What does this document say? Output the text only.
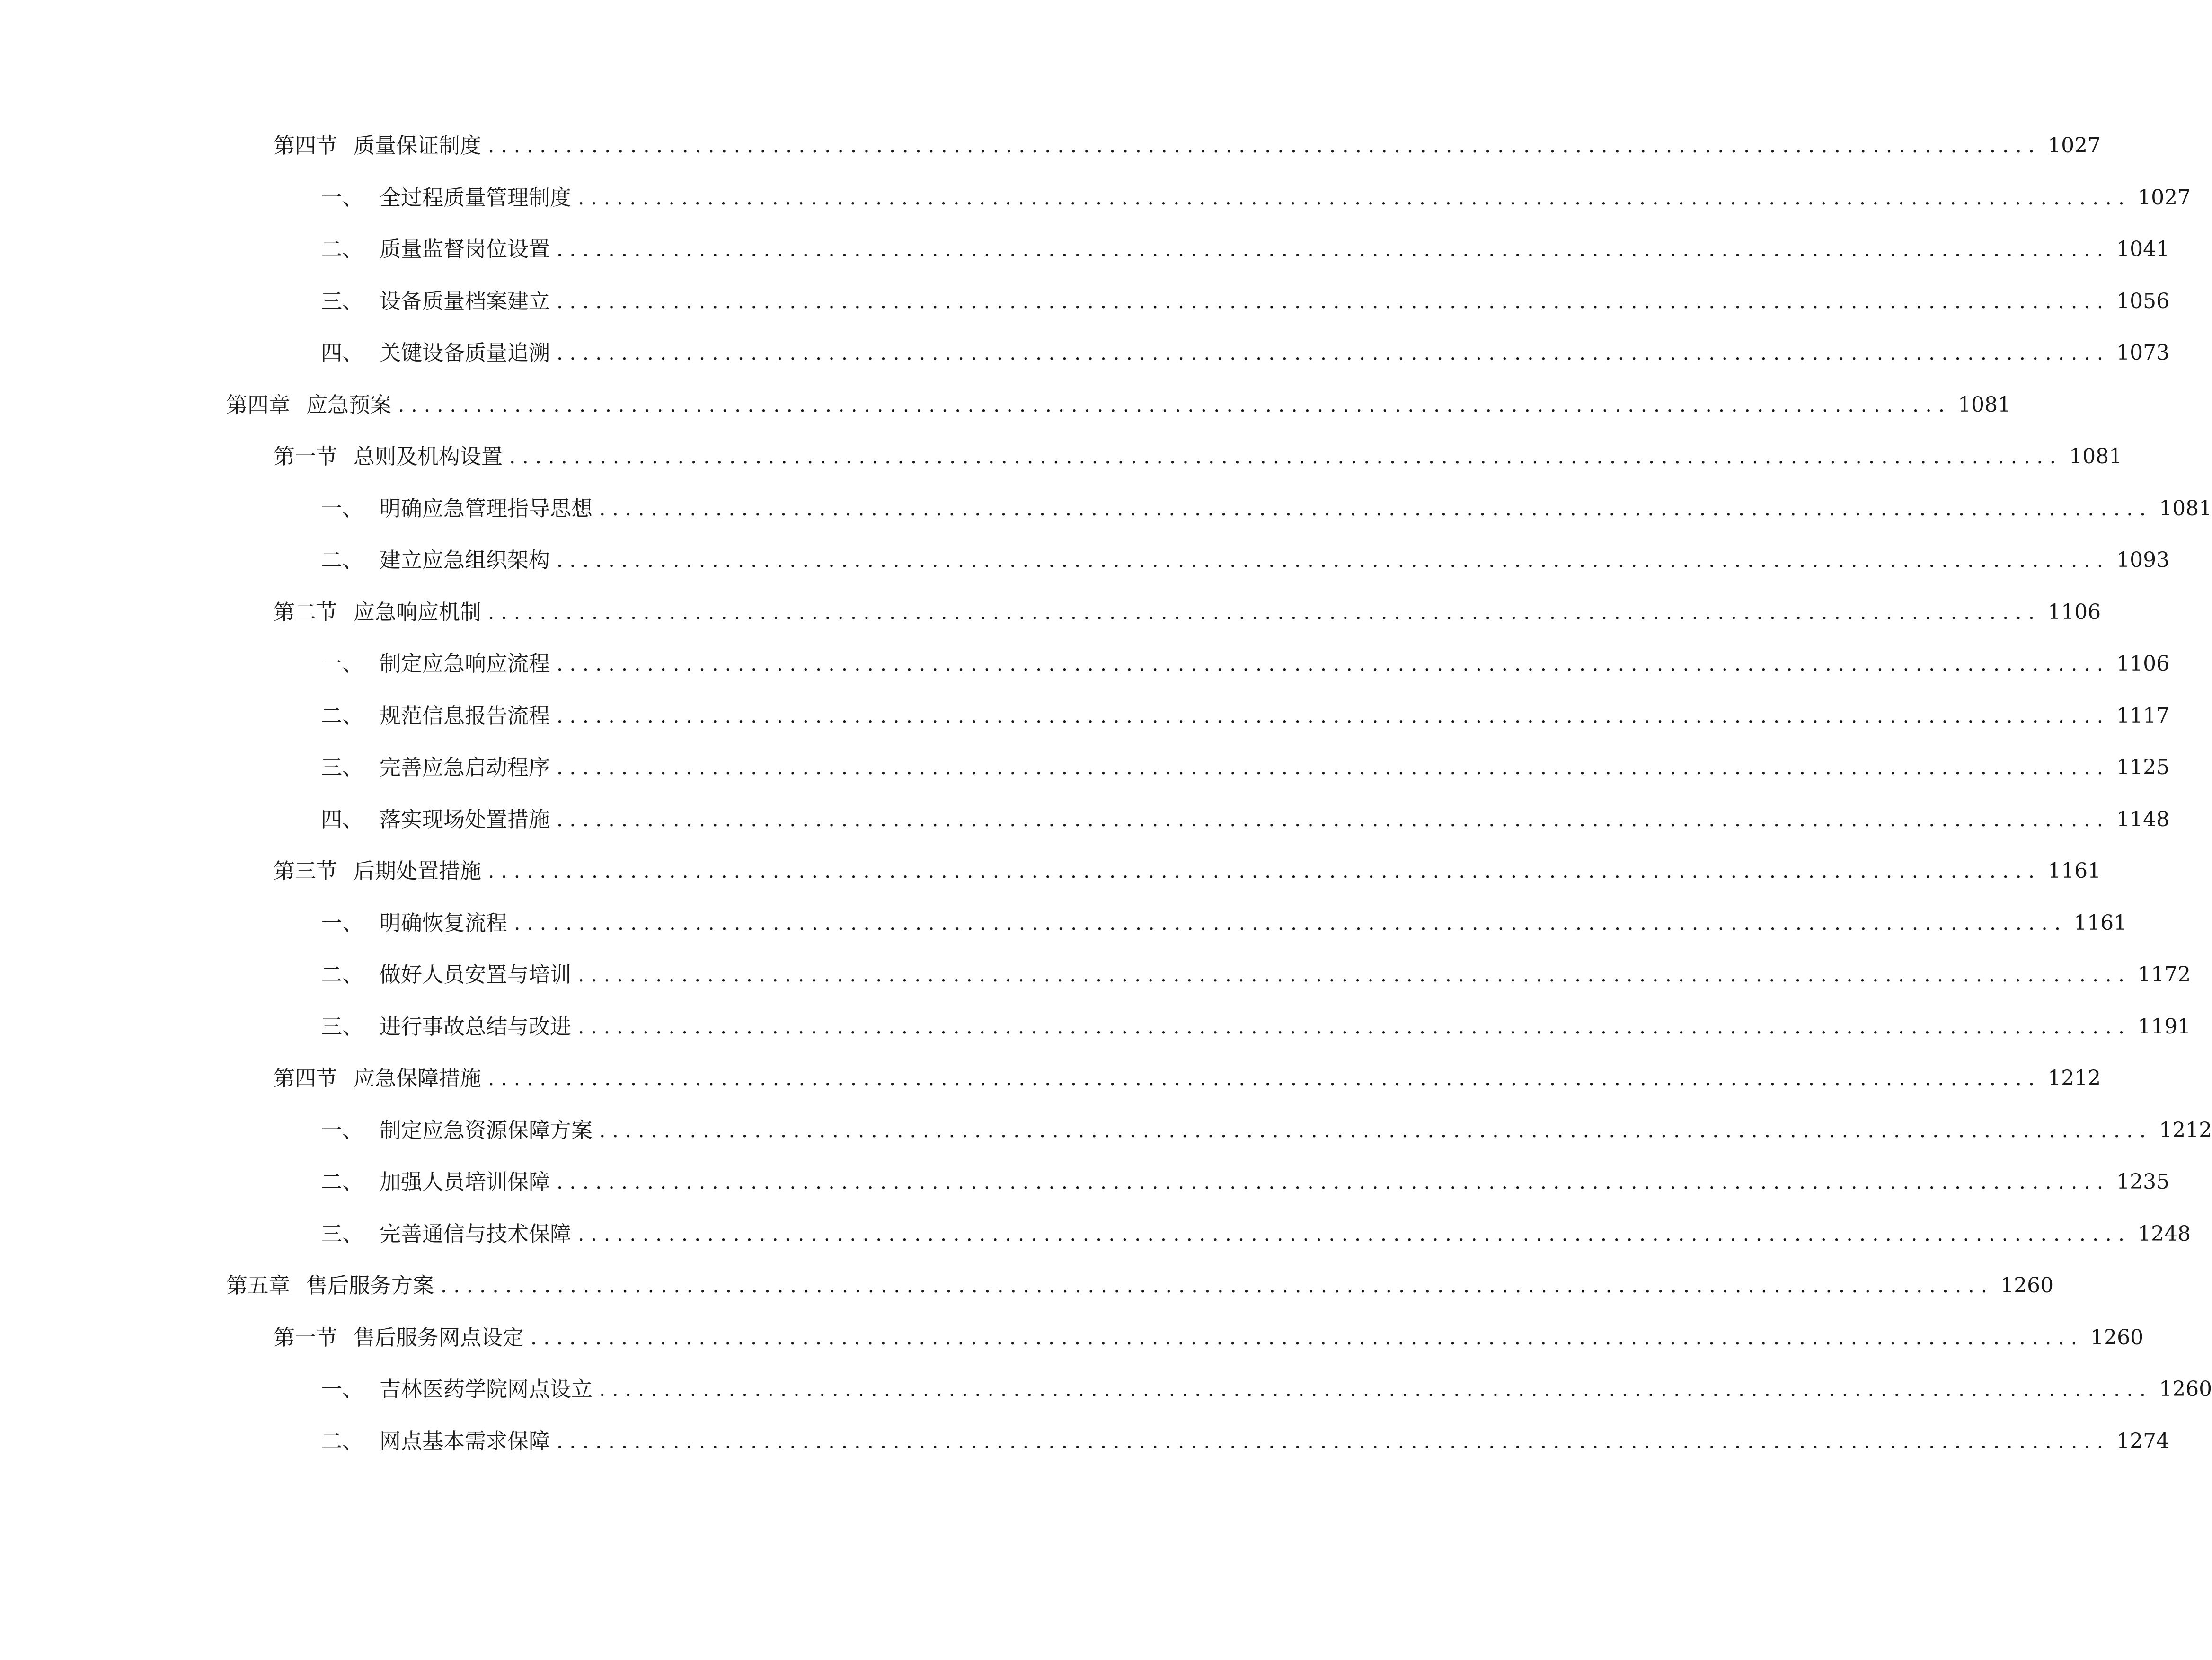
第四节 质量保证制度 ........................................................................................................................ 1027
一、 全过程质量管理制度 ........................................................................................................................ 1027
二、 质量监督岗位设置 ........................................................................................................................ 1041
三、 设备质量档案建立 ........................................................................................................................ 1056
四、 关键设备质量追溯 ........................................................................................................................ 1073
第四章 应急预案 ........................................................................................................................ 1081
第一节 总则及机构设置 ........................................................................................................................ 1081
一、 明确应急管理指导思想 ........................................................................................................................ 1081
二、 建立应急组织架构 ........................................................................................................................ 1093
第二节 应急响应机制 ........................................................................................................................ 1106
一、 制定应急响应流程 ........................................................................................................................ 1106
二、 规范信息报告流程 ........................................................................................................................ 1117
三、 完善应急启动程序 ........................................................................................................................ 1125
四、 落实现场处置措施 ........................................................................................................................ 1148
第三节 后期处置措施 ........................................................................................................................ 1161
一、 明确恢复流程 ........................................................................................................................ 1161
二、 做好人员安置与培训 ........................................................................................................................ 1172
三、 进行事故总结与改进 ........................................................................................................................ 1191
第四节 应急保障措施 ........................................................................................................................ 1212
一、 制定应急资源保障方案 ........................................................................................................................ 1212
二、 加强人员培训保障 ........................................................................................................................ 1235
三、 完善通信与技术保障 ........................................................................................................................ 1248
第五章 售后服务方案 ........................................................................................................................ 1260
第一节 售后服务网点设定 ........................................................................................................................ 1260
一、 吉林医药学院网点设立 ........................................................................................................................ 1260
二、 网点基本需求保障 ........................................................................................................................ 1274
